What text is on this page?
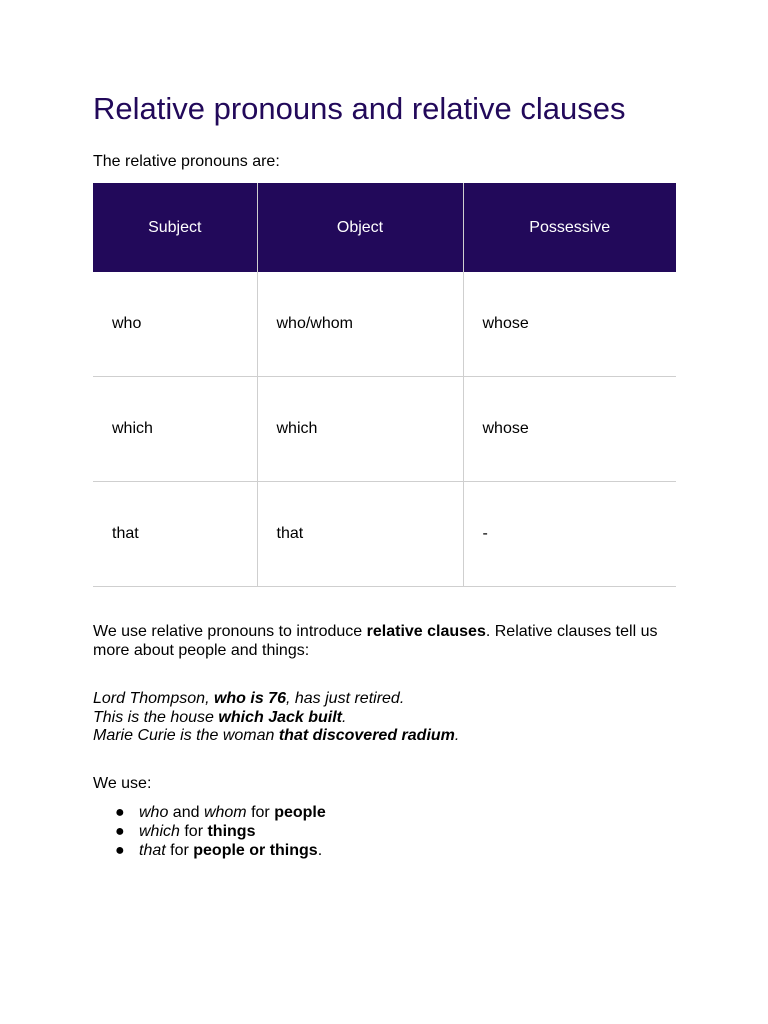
Relative pronouns and relative clauses

The relative pronouns are:

Subject	Object	Possessive
who	who/whom	whose
which	which	whose
that	that	-

We use relative pronouns to introduce relative clauses. Relative clauses tell us more about people and things:

Lord Thompson, who is 76, has just retired.
This is the house which Jack built.
Marie Curie is the woman that discovered radium.

We use:

● who and whom for people
● which for things
● that for people or things.
